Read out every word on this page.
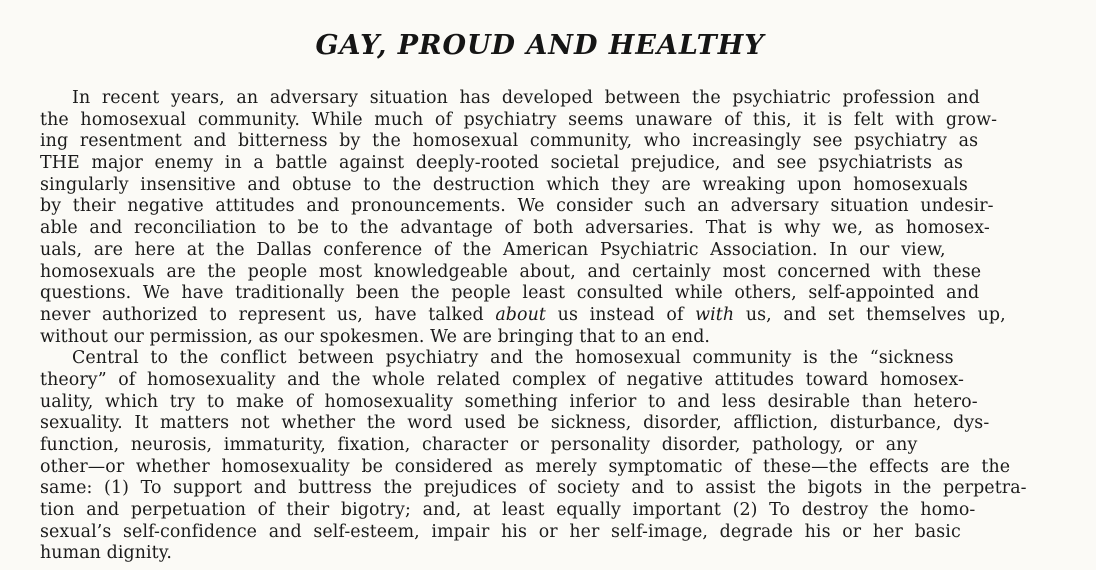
GAY, PROUD AND HEALTHY
In recent years, an adversary situation has developed between the psychiatric profession and
the homosexual community. While much of psychiatry seems unaware of this, it is felt with grow-
ing resentment and bitterness by the homosexual community, who increasingly see psychiatry as
THE major enemy in a battle against deeply-rooted societal prejudice, and see psychiatrists as
singularly insensitive and obtuse to the destruction which they are wreaking upon homosexuals
by their negative attitudes and pronouncements. We consider such an adversary situation undesir-
able and reconciliation to be to the advantage of both adversaries. That is why we, as homosex-
uals, are here at the Dallas conference of the American Psychiatric Association. In our view,
homosexuals are the people most knowledgeable about, and certainly most concerned with these
questions. We have traditionally been the people least consulted while others, self-appointed and
never authorized to represent us, have talked about us instead of with us, and set themselves up,
without our permission, as our spokesmen. We are bringing that to an end.
Central to the conflict between psychiatry and the homosexual community is the “sickness
theory” of homosexuality and the whole related complex of negative attitudes toward homosex-
uality, which try to make of homosexuality something inferior to and less desirable than hetero-
sexuality. It matters not whether the word used be sickness, disorder, affliction, disturbance, dys-
function, neurosis, immaturity, fixation, character or personality disorder, pathology, or any
other—or whether homosexuality be considered as merely symptomatic of these—the effects are the
same: (1) To support and buttress the prejudices of society and to assist the bigots in the perpetra-
tion and perpetuation of their bigotry; and, at least equally important (2) To destroy the homo-
sexual’s self-confidence and self-esteem, impair his or her self-image, degrade his or her basic
human dignity.
